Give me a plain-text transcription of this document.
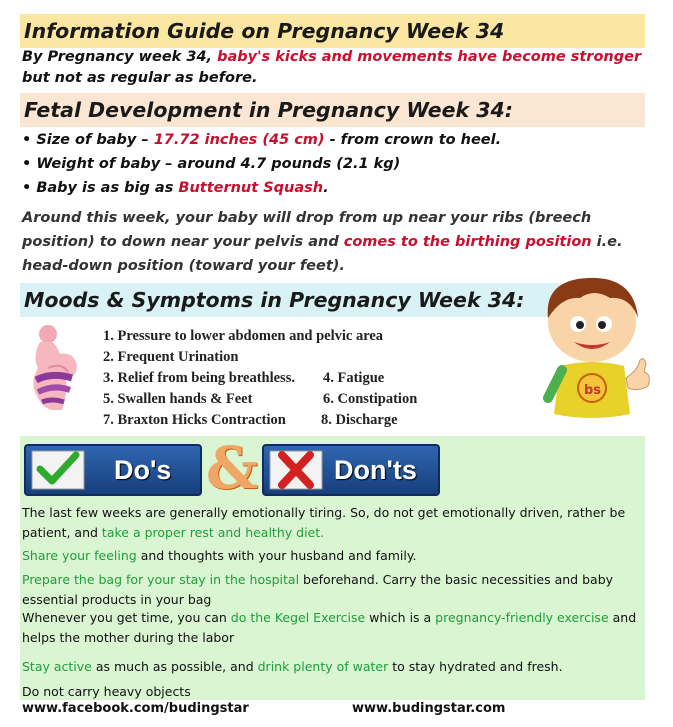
Information Guide on Pregnancy Week 34
By Pregnancy week 34, baby's kicks and movements have become stronger
but not as regular as before.
Fetal Development in Pregnancy Week 34:
• Size of baby – 17.72 inches (45 cm) - from crown to heel.
• Weight of baby – around 4.7 pounds (2.1 kg)
• Baby is as big as Butternut Squash.
Around this week, your baby will drop from up near your ribs (breech position) to down near your pelvis and comes to the birthing position i.e. head-down position (toward your feet).
Moods & Symptoms in Pregnancy Week 34:
1. Pressure to lower abdomen and pelvic area
2. Frequent Urination
3. Relief from being breathless. 4. Fatigue
5. Swallen hands & Feet	6. Constipation
7. Braxton Hicks Contraction 8. Discharge
bs
Do's &	Don'ts
The last few weeks are generally emotionally tiring. So, do not get emotionally driven, rather be patient, and take a proper rest and healthy diet.
Share your feeling and thoughts with your husband and family.
Prepare the bag for your stay in the hospital beforehand. Carry the basic necessities and baby essential products in your bag
Whenever you get time, you can do the Kegel Exercise which is a pregnancy-friendly exercise and helps the mother during the labor
Stay active as much as possible, and drink plenty of water to stay hydrated and fresh.
Do not carry heavy objects
www.facebook.com/budingstar	www.budingstar.com
